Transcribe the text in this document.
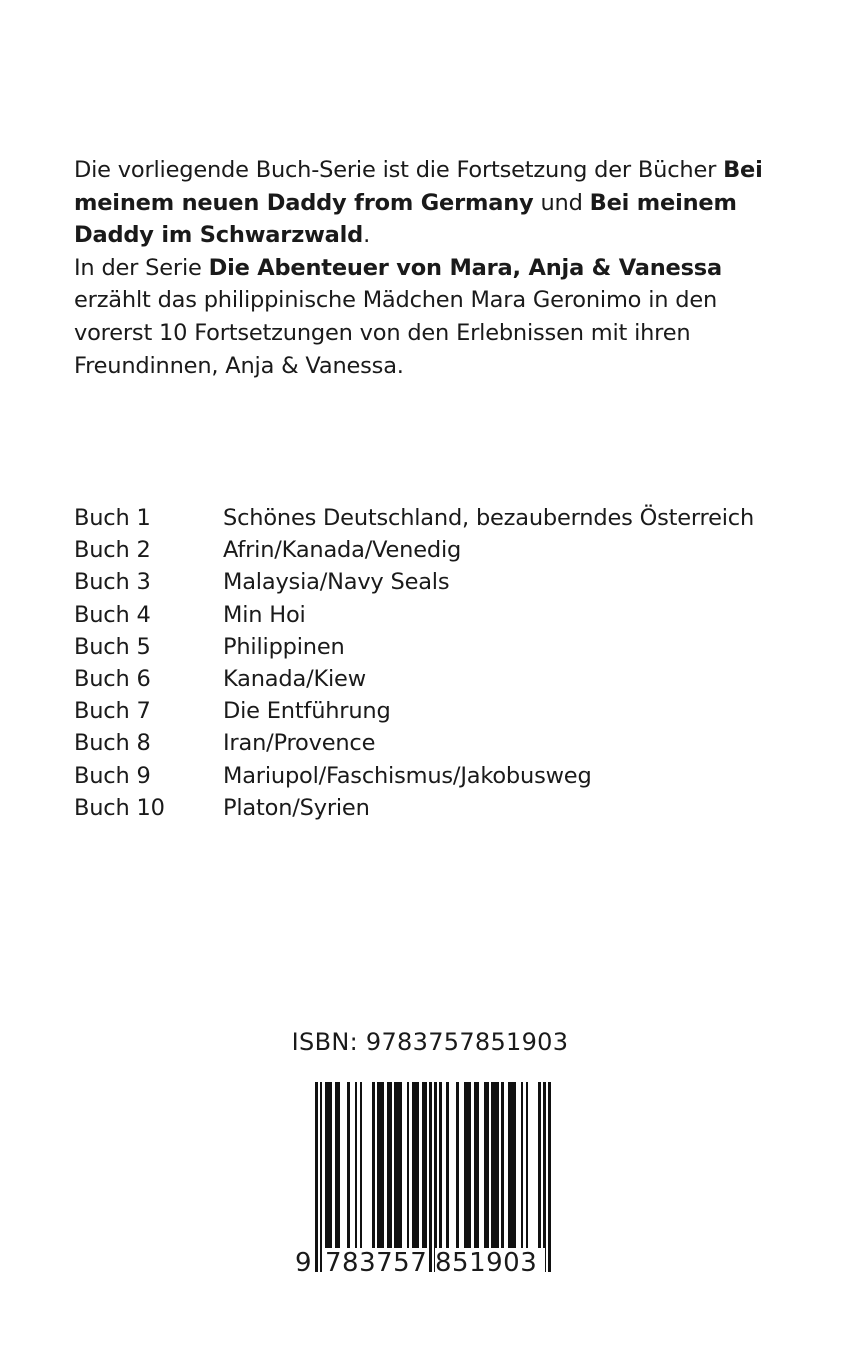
Die vorliegende Buch-Serie ist die Fortsetzung der Bücher Bei meinem neuen Daddy from Germany und Bei meinem Daddy im Schwarzwald.

In der Serie Die Abenteuer von Mara, Anja & Vanessa erzählt das philippinische Mädchen Mara Geronimo in den vorerst 10 Fortsetzungen von den Erlebnissen mit ihren Freundinnen, Anja & Vanessa.

Buch 1	Schönes Deutschland, bezauberndes Österreich
Buch 2	Afrin/Kanada/Venedig
Buch 3	Malaysia/Navy Seals
Buch 4	Min Hoi
Buch 5	Philippinen
Buch 6	Kanada/Kiew
Buch 7	Die Entführung
Buch 8	Iran/Provence
Buch 9	Mariupol/Faschismus/Jakobusweg
Buch 10	Platon/Syrien
ISBN: 9783757851903
9 783757 851903
